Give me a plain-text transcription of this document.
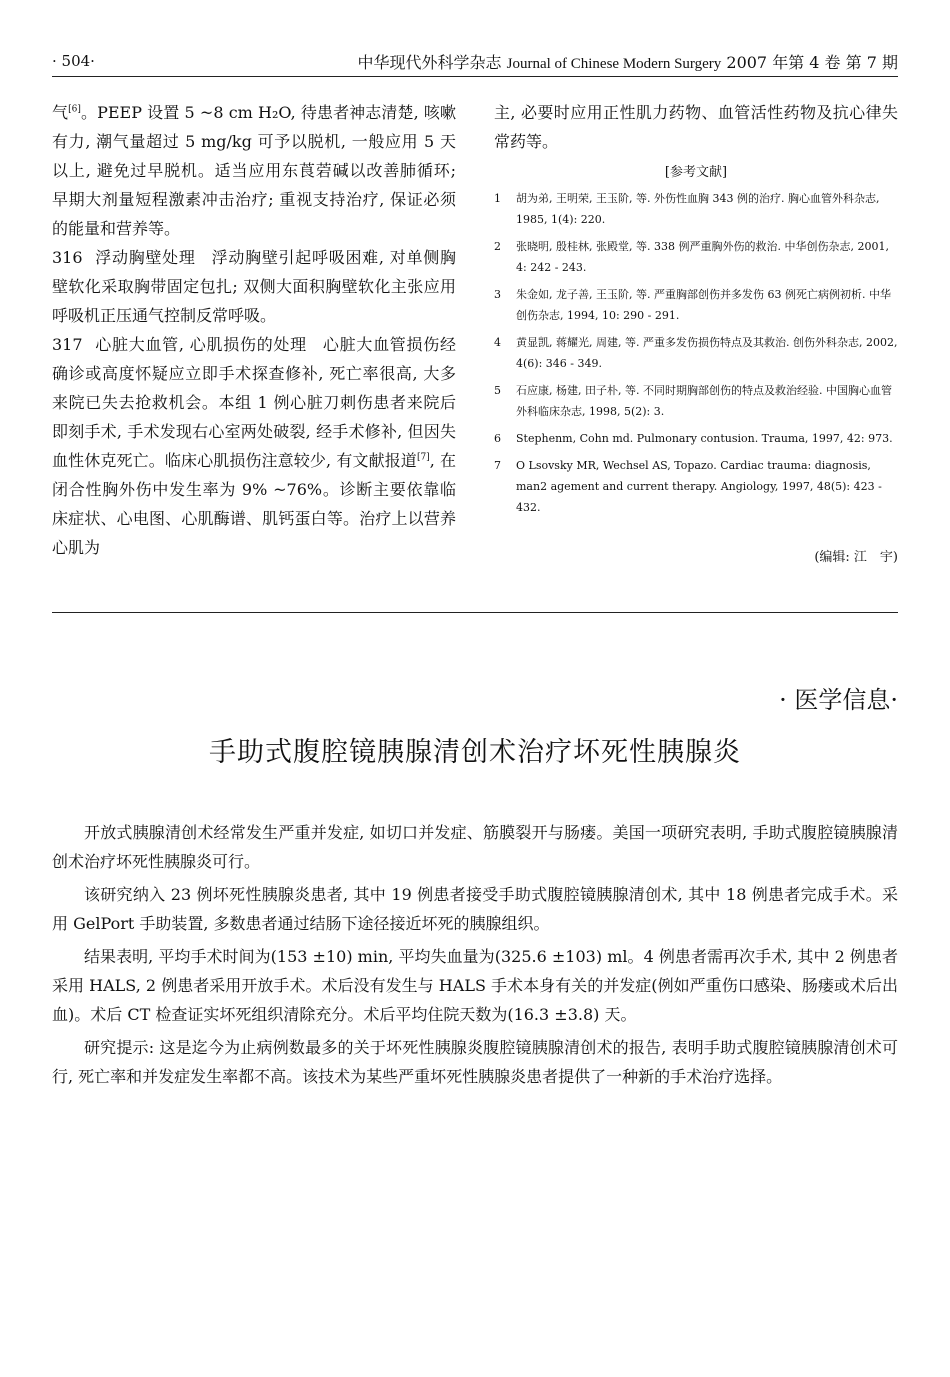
· 504·	中华现代外科学杂志 Journal of Chinese Modern Surgery 2007 年第 4 卷 第 7 期

气[6]。PEEP 设置 5 ~8 cm H₂O, 待患者神志清楚, 咳嗽有力, 潮气量超过 5 mg/kg 可予以脱机, 一般应用 5 天以上, 避免过早脱机。适当应用东莨菪碱以改善肺循环; 早期大剂量短程激素冲击治疗; 重视支持治疗, 保证必须的能量和营养等。

316 浮动胸壁处理 浮动胸壁引起呼吸困难, 对单侧胸壁软化采取胸带固定包扎; 双侧大面积胸壁软化主张应用呼吸机正压通气控制反常呼吸。

317 心脏大血管, 心肌损伤的处理 心脏大血管损伤经确诊或高度怀疑应立即手术探查修补, 死亡率很高, 大多来院已失去抢救机会。本组 1 例心脏刀刺伤患者来院后即刻手术, 手术发现右心室两处破裂, 经手术修补, 但因失血性休克死亡。临床心肌损伤注意较少, 有文献报道[7], 在闭合性胸外伤中发生率为 9% ~76%。诊断主要依靠临床症状、心电图、心肌酶谱、肌钙蛋白等。治疗上以营养心肌为

主, 必要时应用正性肌力药物、血管活性药物及抗心律失常药等。

[参考文献]
1 胡为弟, 王明荣, 王玉阶, 等. 外伤性血胸 343 例的治疗. 胸心血管外科杂志, 1985, 1(4): 220.
2 张晓明, 殷桂林, 张殿堂, 等. 338 例严重胸外伤的救治. 中华创伤杂志, 2001, 4: 242 - 243.
3 朱金如, 龙子善, 王玉阶, 等. 严重胸部创伤并多发伤 63 例死亡病例初析. 中华创伤杂志, 1994, 10: 290 - 291.
4 黄显凯, 蒋耀光, 周建, 等. 严重多发伤损伤特点及其救治. 创伤外科杂志, 2002, 4(6): 346 - 349.
5 石应康, 杨建, 田子朴, 等. 不同时期胸部创伤的特点及救治经验. 中国胸心血管外科临床杂志, 1998, 5(2): 3.
6 Stephenm, Cohn md. Pulmonary contusion. Trauma, 1997, 42: 973.
7 O Lsovsky MR, Wechsel AS, Topazo. Cardiac trauma: diagnosis, man2 agement and current therapy. Angiology, 1997, 48(5): 423 - 432.
(编辑: 江　宇)
· 医学信息·
手助式腹腔镜胰腺清创术治疗坏死性胰腺炎

开放式胰腺清创术经常发生严重并发症, 如切口并发症、筋膜裂开与肠瘘。美国一项研究表明, 手助式腹腔镜胰腺清创术治疗坏死性胰腺炎可行。

该研究纳入 23 例坏死性胰腺炎患者, 其中 19 例患者接受手助式腹腔镜胰腺清创术, 其中 18 例患者完成手术。采用 GelPort 手助装置, 多数患者通过结肠下途径接近坏死的胰腺组织。

结果表明, 平均手术时间为(153 ±10) min, 平均失血量为(325.6 ±103) ml。4 例患者需再次手术, 其中 2 例患者采用 HALS, 2 例患者采用开放手术。术后没有发生与 HALS 手术本身有关的并发症(例如严重伤口感染、肠瘘或术后出血)。术后 CT 检查证实坏死组织清除充分。术后平均住院天数为(16.3 ±3.8) 天。

研究提示: 这是迄今为止病例数最多的关于坏死性胰腺炎腹腔镜胰腺清创术的报告, 表明手助式腹腔镜胰腺清创术可行, 死亡率和并发症发生率都不高。该技术为某些严重坏死性胰腺炎患者提供了一种新的手术治疗选择。
